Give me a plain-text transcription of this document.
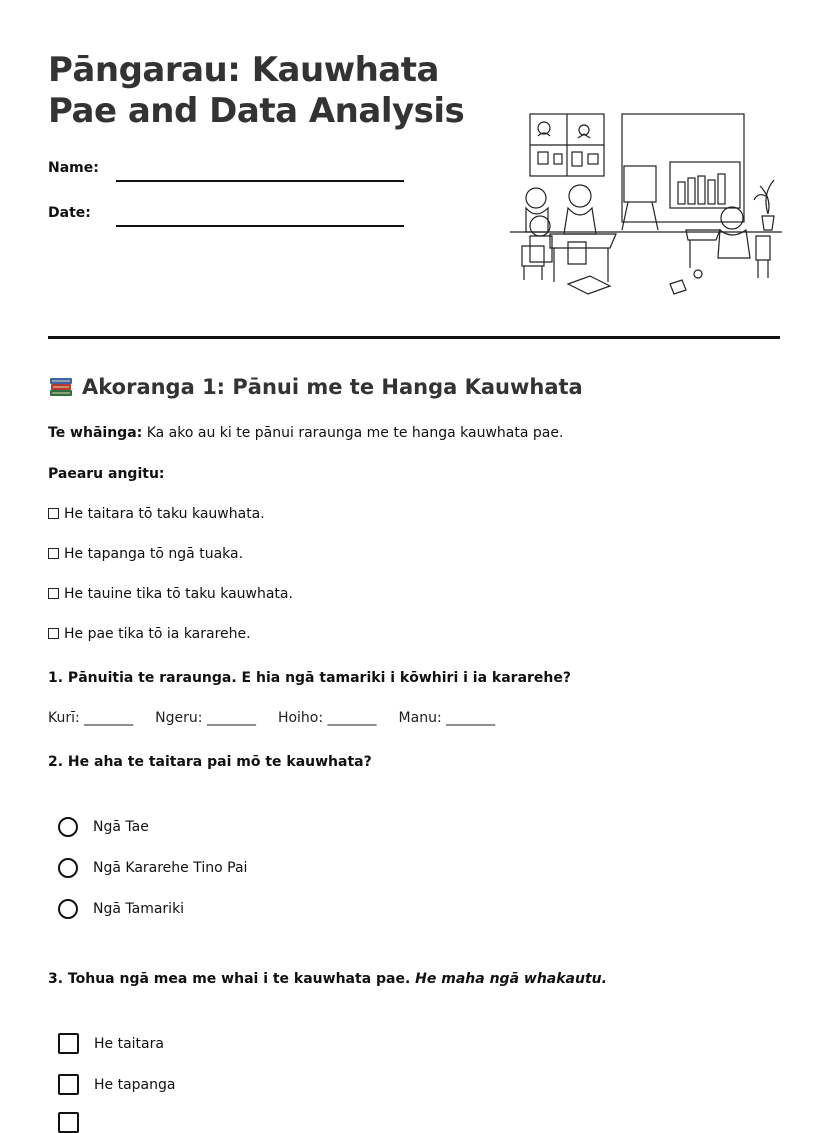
Pāngarau: Kauwhata
Pae and Data Analysis
Name:
Date:
Akoranga 1: Pānui me te Hanga Kauwhata
Te whāinga: Ka ako au ki te pānui raraunga me te hanga kauwhata pae.
Paearu angitu:
He taitara tō taku kauwhata.
He tapanga tō ngā tuaka.
He tauine tika tō taku kauwhata.
He pae tika tō ia kararehe.
1. Pānuitia te raraunga. E hia ngā tamariki i kōwhiri i ia kararehe?
Kurī: _______ Ngeru: _______ Hoiho: _______ Manu: _______
2. He aha te taitara pai mō te kauwhata?
Ngā Tae
Ngā Kararehe Tino Pai
Ngā Tamariki
3. Tohua ngā mea me whai i te kauwhata pae. He maha ngā whakautu.
He taitara
He tapanga
